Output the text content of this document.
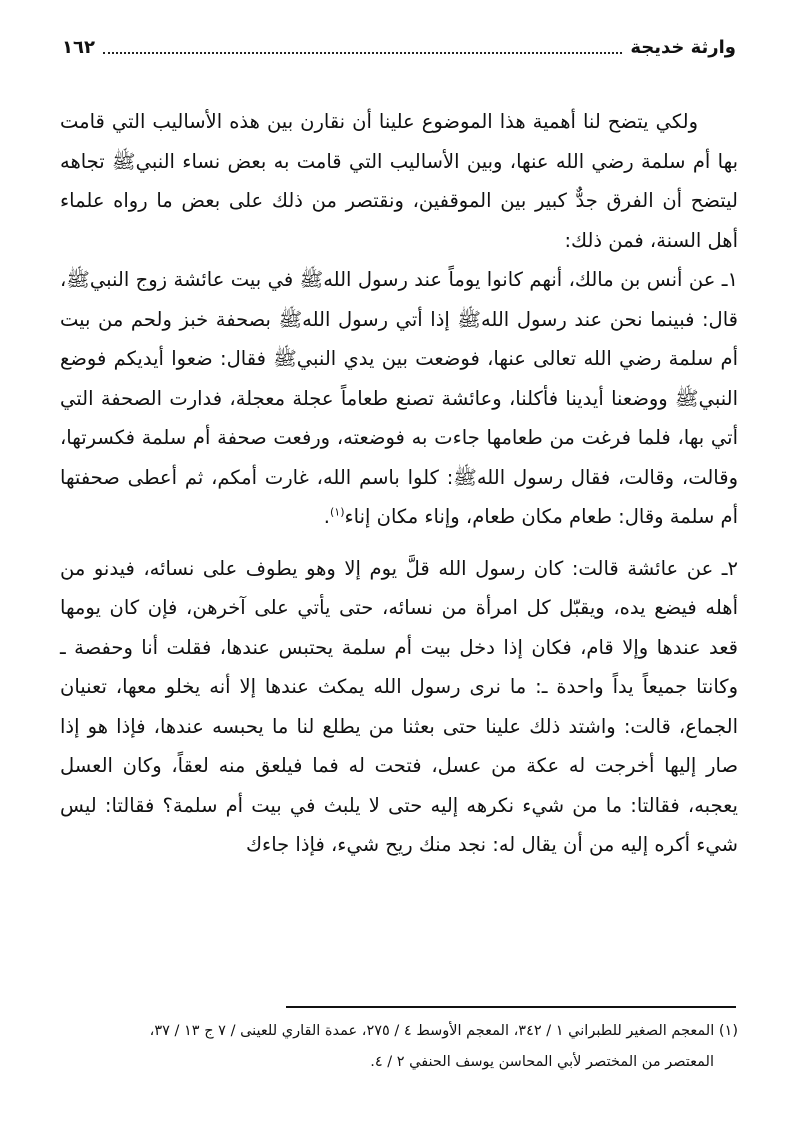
وارثة خديجة
١٦٢

ولكي يتضح لنا أهمية هذا الموضوع علينا أن نقارن بين هذه الأساليب التي قامت بها أم سلمة رضي الله عنها، وبين الأساليب التي قامت به بعض نساء النبيﷺ تجاهه ليتضح أن الفرق جدٌّ كبير بين الموقفين، ونقتصر من ذلك على بعض ما رواه علماء أهل السنة، فمن ذلك:

١ـ عن أنس بن مالك، أنهم كانوا يوماً عند رسول اللهﷺ في بيت عائشة زوج النبيﷺ، قال: فبينما نحن عند رسول اللهﷺ إذا أتي رسول اللهﷺ بصحفة خبز ولحم من بيت أم سلمة رضي الله تعالى عنها، فوضعت بين يدي النبيﷺ فقال: ضعوا أيديكم فوضع النبيﷺ ووضعنا أيدينا فأكلنا، وعائشة تصنع طعاماً عجلة معجلة، فدارت الصحفة التي أتي بها، فلما فرغت من طعامها جاءت به فوضعته، ورفعت صحفة أم سلمة فكسرتها، وقالت، وقالت، فقال رسول اللهﷺ: كلوا باسم الله، غارت أمكم، ثم أعطى صحفتها أم سلمة وقال: طعام مكان طعام، وإناء مكان إناء$^{(١)}$.

٢ـ عن عائشة قالت: كان رسول الله قلَّ يوم إلا وهو يطوف على نسائه، فيدنو من أهله فيضع يده، ويقبّل كل امرأة من نسائه، حتى يأتي على آخرهن، فإن كان يومها قعد عندها وإلا قام، فكان إذا دخل بيت أم سلمة يحتبس عندها، فقلت أنا وحفصة ـ وكانتا جميعاً يداً واحدة ـ: ما نرى رسول الله يمكث عندها إلا أنه يخلو معها، تعنيان الجماع، قالت: واشتد ذلك علينا حتى بعثنا من يطلع لنا ما يحبسه عندها، فإذا هو إذا صار إليها أخرجت له عكة من عسل، فتحت له فما فيلعق منه لعقاً، وكان العسل يعجبه، فقالتا: ما من شيء نكرهه إليه حتى لا يلبث في بيت أم سلمة؟ فقالتا: ليس شيء أكره إليه من أن يقال له: نجد منك ريح شيء، فإذا جاءك

(١) المعجم الصغير للطبراني ١ / ٣٤٢، المعجم الأوسط ٤ / ٢٧٥، عمدة القاري للعينى / ٧ ج ١٣ / ٣٧،

المعتصر من المختصر لأبي المحاسن يوسف الحنفي ٢ / ٤.
